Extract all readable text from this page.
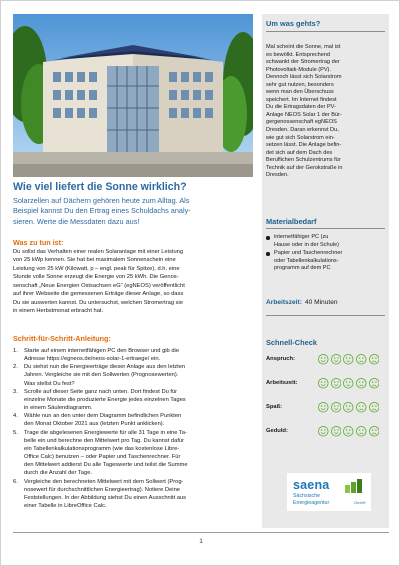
Wie viel liefert die Sonne wirklich?
Solarzellen auf Dächern gehören heute zum Alltag. Als
Beispiel kannst Du den Ertrag eines Schuldachs analy-
sieren. Werte die Messdaten dazu aus!
Was zu tun ist:
Du sollst das Verhalten einer realen Solaranlage mit einer Leistung
von 25 kWp kennen. Sie hat bei maximalem Sonnenschein eine
Leistung von 25 kW (Kilowatt, p – engl. peak für Spitze), d.h. eine
Stunde volle Sonne erzeugt die Energie von 25 kWh. Die Genos-
senschaft „Neue Energien Ostsachsen eG“ (egNEOS) veröffentlicht
auf ihrer Webseite die gemessenen Erträge dieser Anlage, so dass
Du sie auswerten kannst. Du untersuchst, welchen Stromertrag sie
in einem Herbstmonat erbracht hat.
Schritt-für-Schritt-Anleitung:
1. Starte auf einem internetfähigen PC den Browser und gib die
Adresse https://egneos.de/neos-solar-1-ertraege/ ein.
2. Du siehst nun die Energieerträge dieser Anlage aus den letzten
Jahren. Vergleiche sie mit den Sollwerten (Prognosewerten).
Was stellst Du fest?
3. Scrolle auf dieser Seite ganz nach unten. Dort findest Du für
einzelne Monate die produzierte Energie jedes einzelnen Tages
in einem Säulendiagramm.
4. Wähle nun an den unter dem Diagramm befindlichen Punkten
den Monat Oktober 2021 aus (letzten Punkt anklicken).
5. Trage die abgelesenen Energiewerte für alle 31 Tage in eine Ta-
belle ein und berechne den Mittelwert pro Tag. Du kannst dafür
ein Tabellenkalkulationsprogramm (wie das kostenlose Libre-
Office Calc) benutzen – oder Papier und Taschenrechner. Für
den Mittelwert addierst Du alle Tageswerte und teilst die Summe
durch die Anzahl der Tage.
6. Vergleiche den berechneten Mittelwert mit dem Sollwert (Prog-
nosewert für durchschnittlichen Energieertrag). Notiere Deine
Feststellungen. In der Abbildung siehst Du einen Ausschnitt aus
einer Tabelle in LibreOffice Calc.
Um was gehts?
Mal scheint die Sonne, mal ist
es bewölkt. Entsprechend
schwankt der Stromertrag der
Photovoltaik-Module (PV).
Dennoch lässt sich Solarstrom
sehr gut nutzen, besonders
wenn man den Überschuss
speichert. Im Internet findest
Du die Ertragsdaten der PV-
Anlage NEOS Solar 1 der Bür-
gergenossenschaft egNEOS
Dresden. Daran erkennst Du,
wie gut sich Solarstrom ein-
setzen lässt. Die Anlage befin-
det sich auf dem Dach des
Beruflichen Schulzentrums für
Technik auf der Gerokstraße in
Dresden.
Materialbedarf
internetfähiger PC (zu
Hause oder in der Schule)
Papier und Taschenrechner
oder Tabellenkalkulations-
programm auf dem PC
Arbeitszeit: 40 Minuten
Schnell-Check
Anspruch:
Arbeitszeit:
Spaß:
Geduld:
saena
Sächsische
Energieagentur	GmbH
1
